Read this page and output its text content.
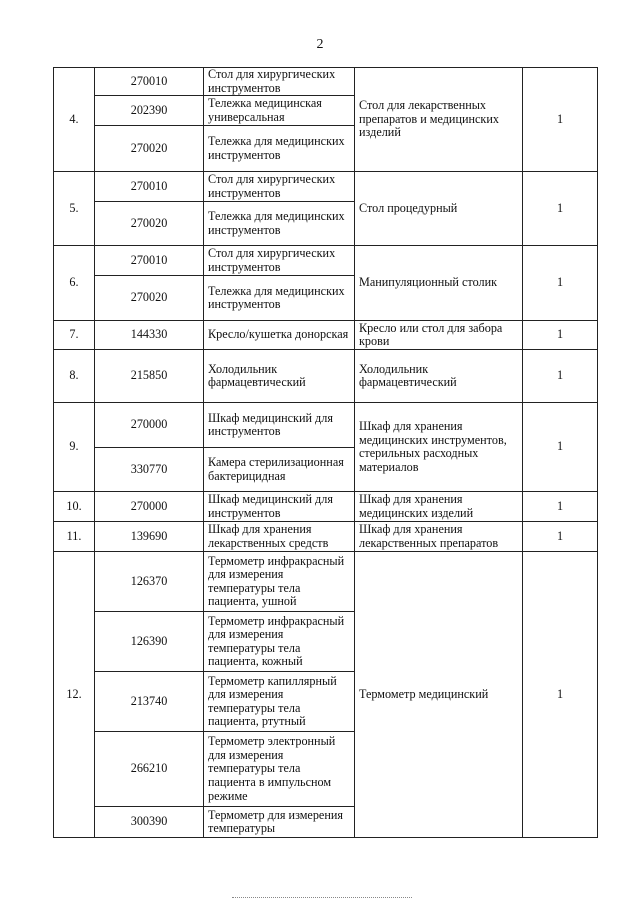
2
4.	270010	Стол для хирургических инструментов	Стол для лекарственных препаратов и медицинских изделий	1
	202390	Тележка медицинская универсальная		
	270020	Тележка для медицинских инструментов		
5.	270010	Стол для хирургических инструментов	Стол процедурный	1
	270020	Тележка для медицинских инструментов		
6.	270010	Стол для хирургических инструментов	Манипуляционный столик	1
	270020	Тележка для медицинских инструментов		
7.	144330	Кресло/кушетка донорская	Кресло или стол для забора крови	1
8.	215850	Холодильник фармацевтический	Холодильник фармацевтический	1
9.	270000	Шкаф медицинский для инструментов	Шкаф для хранения медицинских инструментов, стерильных расходных материалов	1
	330770	Камера стерилизационная бактерицидная		
10.	270000	Шкаф медицинский для инструментов	Шкаф для хранения медицинских изделий	1
11.	139690	Шкаф для хранения лекарственных средств	Шкаф для хранения лекарственных препаратов	1
12.	126370	Термометр инфракрасный для измерения температуры тела пациента, ушной	Термометр медицинский	1
	126390	Термометр инфракрасный для измерения температуры тела пациента, кожный		
	213740	Термометр капиллярный для измерения температуры тела пациента, ртутный		
	266210	Термометр электронный для измерения температуры тела пациента в импульсном режиме		
	300390	Термометр для измерения температуры		
